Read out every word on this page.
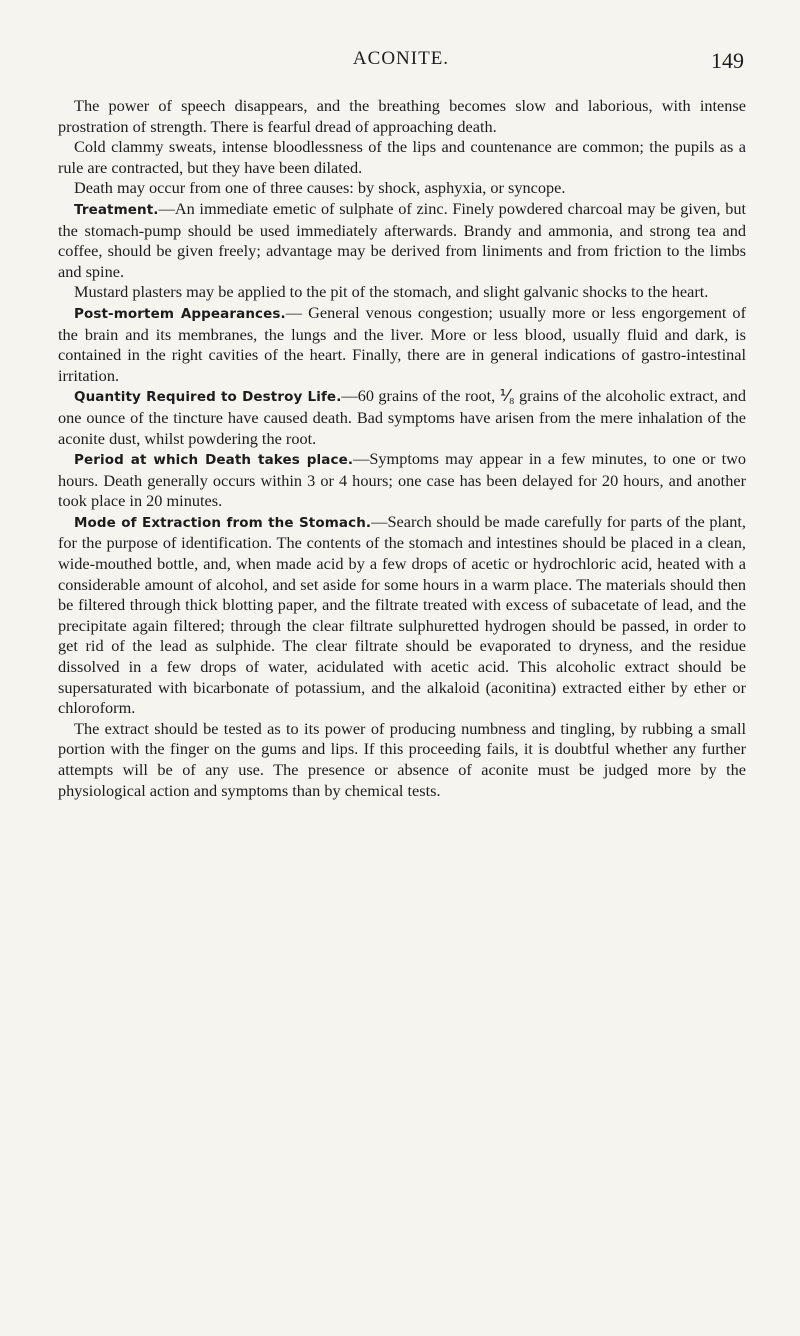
ACONITE.	149

The power of speech disappears, and the breathing becomes slow and laborious, with intense prostration of strength. There is fearful dread of approaching death.

Cold clammy sweats, intense bloodlessness of the lips and countenance are common; the pupils as a rule are contracted, but they have been dilated.

Death may occur from one of three causes: by shock, asphyxia, or syncope.

Treatment.—An immediate emetic of sulphate of zinc. Finely powdered charcoal may be given, but the stomach-pump should be used immediately afterwards. Brandy and ammonia, and strong tea and coffee, should be given freely; advantage may be derived from liniments and from friction to the limbs and spine.

Mustard plasters may be applied to the pit of the stomach, and slight galvanic shocks to the heart.

Post-mortem Appearances.— General venous congestion; usually more or less engorgement of the brain and its membranes, the lungs and the liver. More or less blood, usually fluid and dark, is contained in the right cavities of the heart. Finally, there are in general indications of gastro-intestinal irritation.

Quantity Required to Destroy Life.—60 grains of the root, ⅟₈ grains of the alcoholic extract, and one ounce of the tincture have caused death. Bad symptoms have arisen from the mere inhalation of the aconite dust, whilst powdering the root.

Period at which Death takes place.—Symptoms may appear in a few minutes, to one or two hours. Death generally occurs within 3 or 4 hours; one case has been delayed for 20 hours, and another took place in 20 minutes.

Mode of Extraction from the Stomach.—Search should be made carefully for parts of the plant, for the purpose of identification. The contents of the stomach and intestines should be placed in a clean, wide-mouthed bottle, and, when made acid by a few drops of acetic or hydrochloric acid, heated with a considerable amount of alcohol, and set aside for some hours in a warm place. The materials should then be filtered through thick blotting paper, and the filtrate treated with excess of subacetate of lead, and the precipitate again filtered; through the clear filtrate sulphuretted hydrogen should be passed, in order to get rid of the lead as sulphide. The clear filtrate should be evaporated to dryness, and the residue dissolved in a few drops of water, acidulated with acetic acid. This alcoholic extract should be supersaturated with bicarbonate of potassium, and the alkaloid (aconitina) extracted either by ether or chloroform.

The extract should be tested as to its power of producing numbness and tingling, by rubbing a small portion with the finger on the gums and lips. If this proceeding fails, it is doubtful whether any further attempts will be of any use. The presence or absence of aconite must be judged more by the physiological action and symptoms than by chemical tests.
